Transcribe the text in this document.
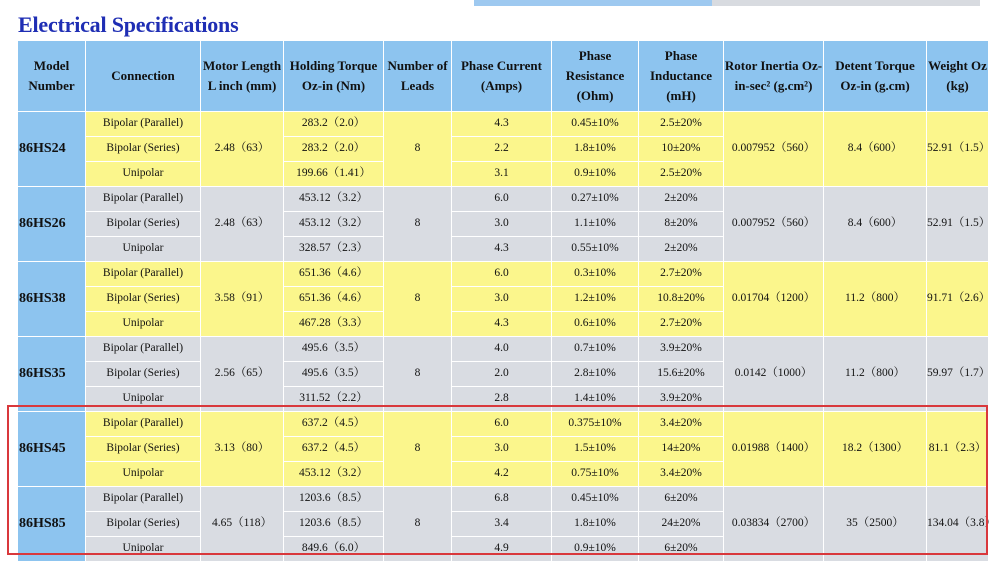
Electrical Specifications
Model Number	Connection	Motor Length L inch (mm)	Holding Torque Oz-in (Nm)	Number of Leads	Phase Current (Amps)	Phase Resistance (Ohm)	Phase Inductance (mH)	Rotor Inertia Oz-in-sec² (g.cm²)	Detent Torque Oz-in (g.cm)	Weight Oz (kg)
86HS24	Bipolar (Parallel)	2.48（63）	283.2（2.0）	8	4.3	0.45±10%	2.5±20%	0.007952（560）	8.4（600）	52.91（1.5）
	Bipolar (Series)		283.2（2.0）		2.2	1.8±10%	10±20%			
	Unipolar		199.66（1.41）		3.1	0.9±10%	2.5±20%			
86HS26	Bipolar (Parallel)	2.48（63）	453.12（3.2）	8	6.0	0.27±10%	2±20%	0.007952（560）	8.4（600）	52.91（1.5）
	Bipolar (Series)		453.12（3.2）		3.0	1.1±10%	8±20%			
	Unipolar		328.57（2.3）		4.3	0.55±10%	2±20%			
86HS38	Bipolar (Parallel)	3.58（91）	651.36（4.6）	8	6.0	0.3±10%	2.7±20%	0.01704（1200）	11.2（800）	91.71（2.6）
	Bipolar (Series)		651.36（4.6）		3.0	1.2±10%	10.8±20%			
	Unipolar		467.28（3.3）		4.3	0.6±10%	2.7±20%			
86HS35	Bipolar (Parallel)	2.56（65）	495.6（3.5）	8	4.0	0.7±10%	3.9±20%	0.0142（1000）	11.2（800）	59.97（1.7）
	Bipolar (Series)		495.6（3.5）		2.0	2.8±10%	15.6±20%			
	Unipolar		311.52（2.2）		2.8	1.4±10%	3.9±20%			
86HS45	Bipolar (Parallel)	3.13（80）	637.2（4.5）	8	6.0	0.375±10%	3.4±20%	0.01988（1400）	18.2（1300）	81.1（2.3）
	Bipolar (Series)		637.2（4.5）		3.0	1.5±10%	14±20%			
	Unipolar		453.12（3.2）		4.2	0.75±10%	3.4±20%			
86HS85	Bipolar (Parallel)	4.65（118）	1203.6（8.5）	8	6.8	0.45±10%	6±20%	0.03834（2700）	35（2500）	134.04（3.8）
	Bipolar (Series)		1203.6（8.5）		3.4	1.8±10%	24±20%			
	Unipolar		849.6（6.0）		4.9	0.9±10%	6±20%			
